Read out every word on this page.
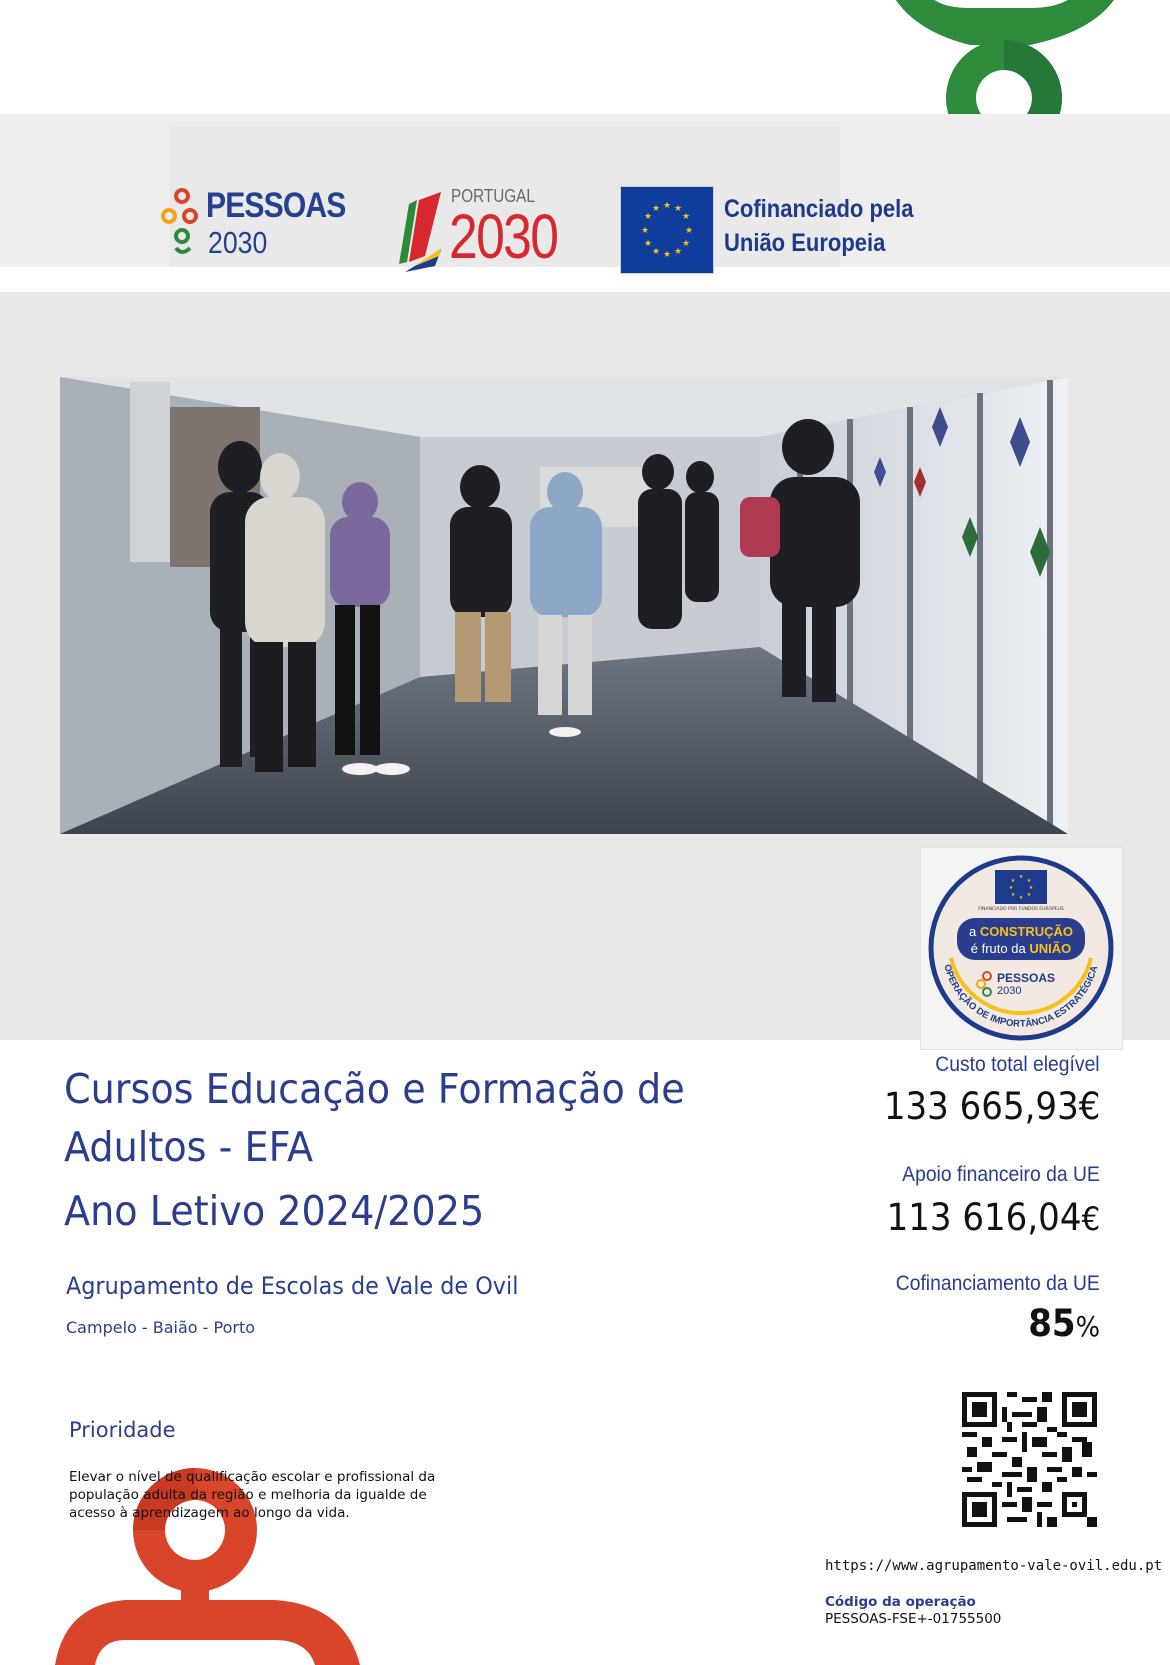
PESSOAS
2030
PORTUGAL
2030	★ ★
★
★
★
★
★
★
★
★
★
★	Cofinanciado pela
União Europeia
★
★
★
★
★
★
★
★
FINANCIADO POR FUNDOS EUROPEUS
a CONSTRUÇÃO
é fruto da UNIÃO
PESSOAS
2030
OPERAÇÃO DE IMPORTÂNCIA ESTRATÉGICA
Cursos Educação e Formação de
Adultos - EFA
Ano Letivo 2024/2025
Agrupamento de Escolas de Vale de Ovil
Campelo - Baião - Porto
Prioridade
Elevar o nível de qualificação escolar e profissional da população adulta da região e melhoria da igualde de acesso à aprendizagem ao longo da vida.
Custo total elegível
133 665,93€
Apoio financeiro da UE
113 616,04€
Cofinanciamento da UE
85%
https://www.agrupamento-vale-ovil.edu.pt
Código da operação
PESSOAS-FSE+-01755500
